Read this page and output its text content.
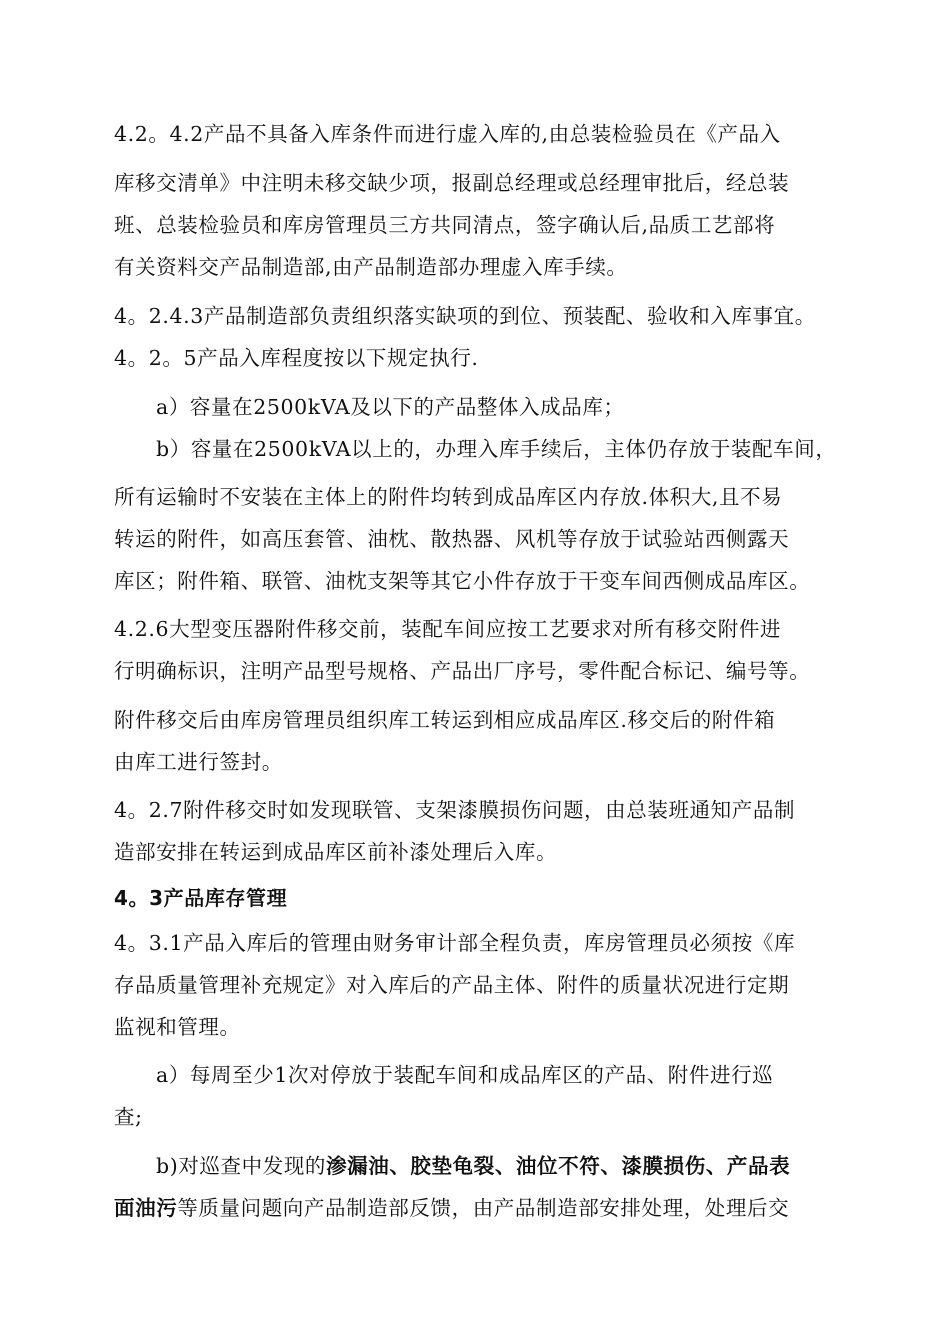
4.2。4.2产品不具备入库条件而进行虚入库的,由总装检验员在《产品入
库移交清单》中注明未移交缺少项，报副总经理或总经理审批后，经总装
班、总装检验员和库房管理员三方共同清点，签字确认后,品质工艺部将
有关资料交产品制造部,由产品制造部办理虚入库手续。
4。2.4.3产品制造部负责组织落实缺项的到位、预装配、验收和入库事宜。
4。2。5产品入库程度按以下规定执行.
a）容量在2500kVA及以下的产品整体入成品库；
b）容量在2500kVA以上的，办理入库手续后，主体仍存放于装配车间，
所有运输时不安装在主体上的附件均转到成品库区内存放.体积大,且不易
转运的附件，如高压套管、油枕、散热器、风机等存放于试验站西侧露天
库区；附件箱、联管、油枕支架等其它小件存放于干变车间西侧成品库区。
4.2.6大型变压器附件移交前，装配车间应按工艺要求对所有移交附件进
行明确标识，注明产品型号规格、产品出厂序号，零件配合标记、编号等。
附件移交后由库房管理员组织库工转运到相应成品库区.移交后的附件箱
由库工进行签封。
4。2.7附件移交时如发现联管、支架漆膜损伤问题，由总装班通知产品制
造部安排在转运到成品库区前补漆处理后入库。
4。3产品库存管理
4。3.1产品入库后的管理由财务审计部全程负责，库房管理员必须按《库
存品质量管理补充规定》对入库后的产品主体、附件的质量状况进行定期
监视和管理。
a）每周至少1次对停放于装配车间和成品库区的产品、附件进行巡
查;
b)对巡查中发现的渗漏油、胶垫龟裂、油位不符、漆膜损伤、产品表
面油污等质量问题向产品制造部反馈，由产品制造部安排处理，处理后交
